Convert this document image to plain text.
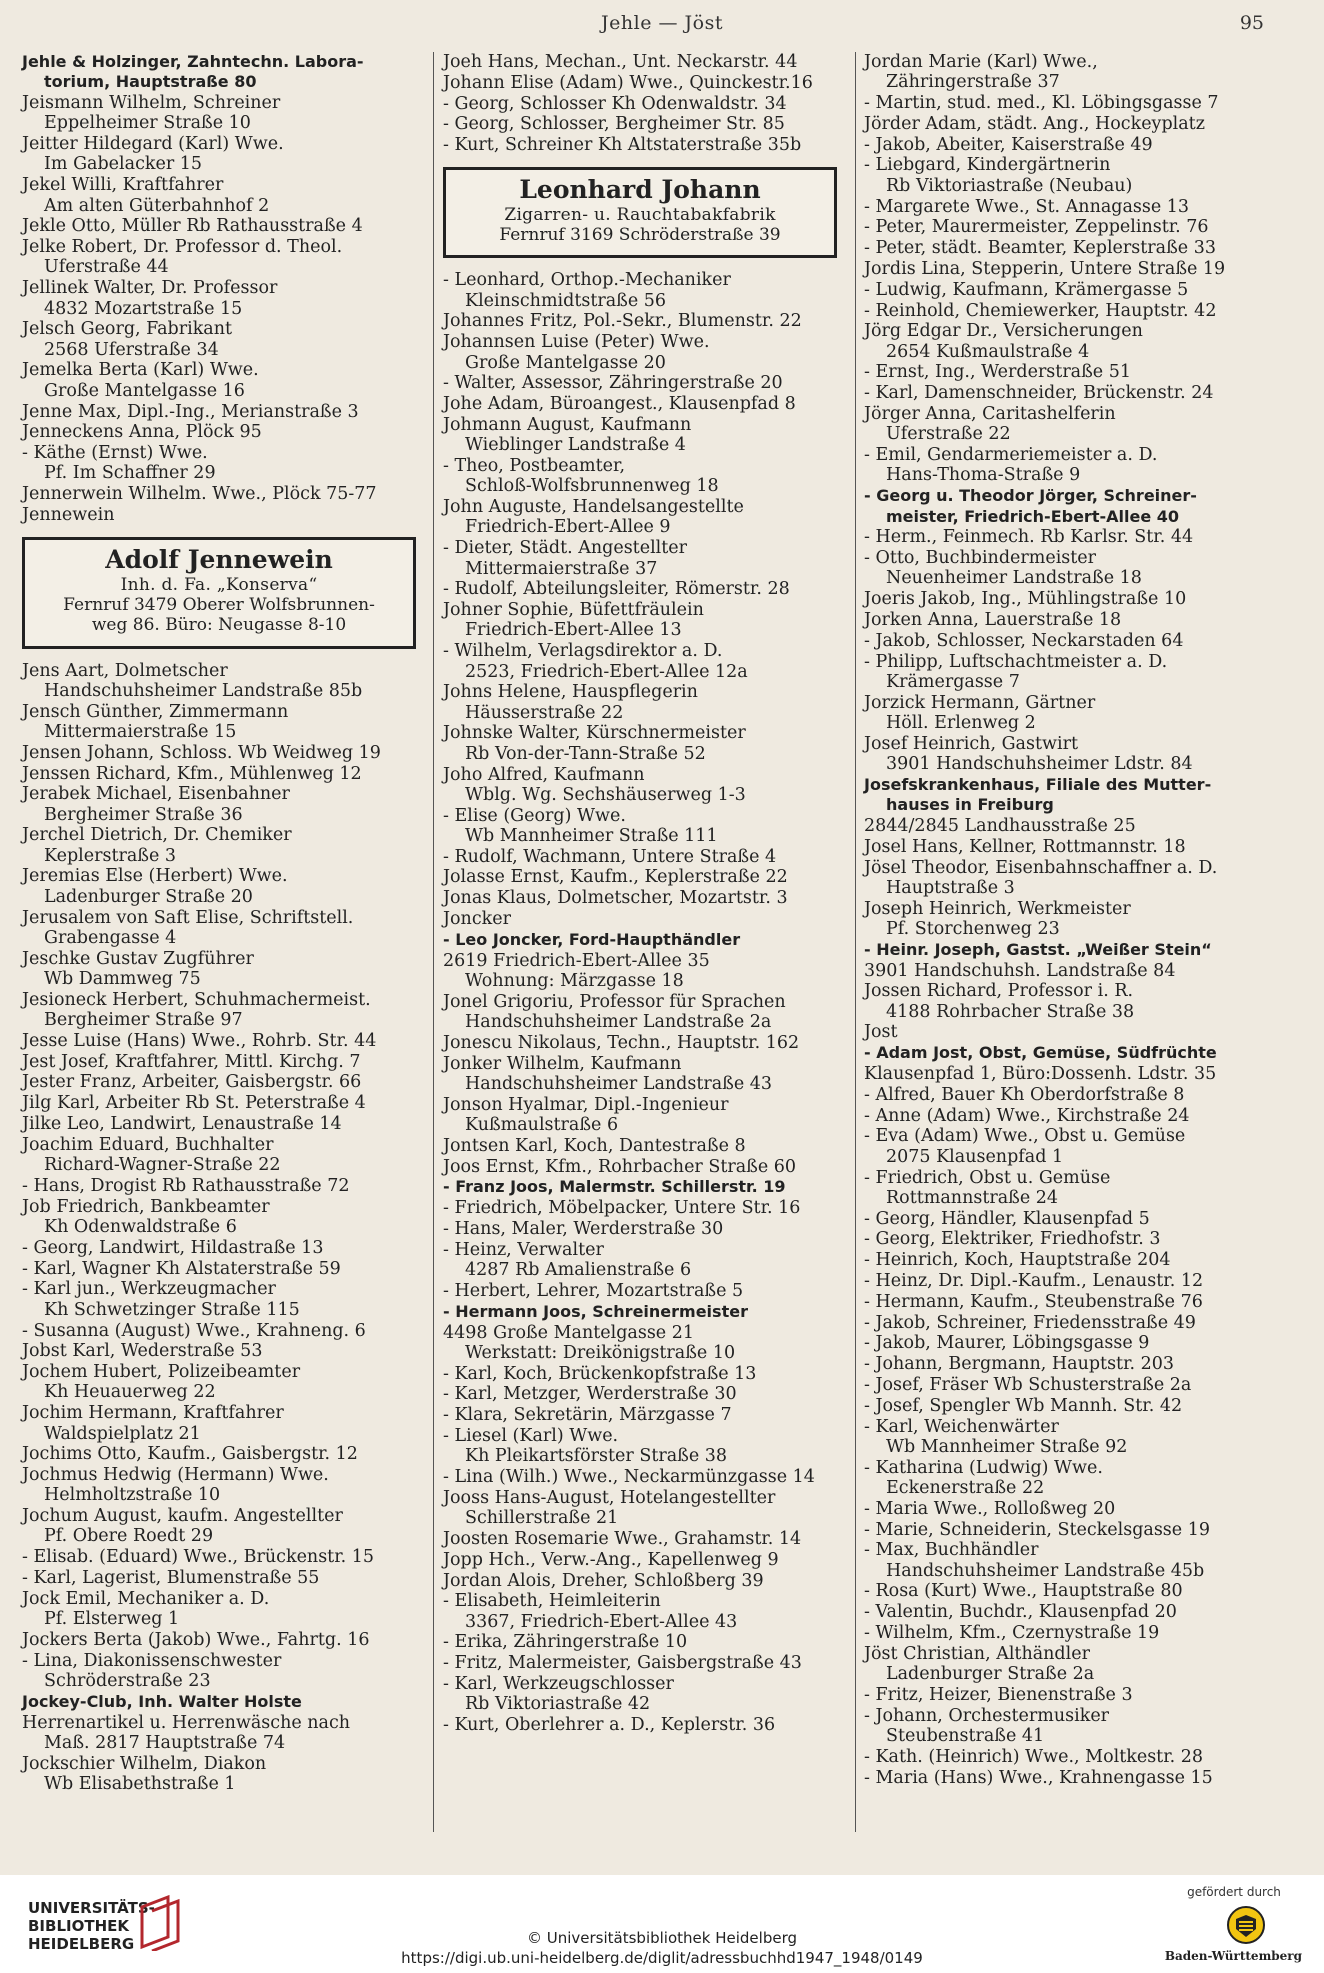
Jehle — Jöst	95
Jehle & Holzinger, Zahntechn. Labora-
torium, Hauptstraße 80
Jeismann Wilhelm, Schreiner
Eppelheimer Straße 10
Jeitter Hildegard (Karl) Wwe.
Im Gabelacker 15
Jekel Willi, Kraftfahrer
Am alten Güterbahnhof 2
Jekle Otto, Müller Rb Rathausstraße 4
Jelke Robert, Dr. Professor d. Theol.
Uferstraße 44
Jellinek Walter, Dr. Professor
4832 Mozartstraße 15
Jelsch Georg, Fabrikant
2568 Uferstraße 34
Jemelka Berta (Karl) Wwe.
Große Mantelgasse 16
Jenne Max, Dipl.-Ing., Merianstraße 3
Jenneckens Anna, Plöck 95
- Käthe (Ernst) Wwe.
Pf. Im Schaffner 29
Jennerwein Wilhelm. Wwe., Plöck 75-77
Jennewein
Adolf Jennewein
Inh. d. Fa. „Konserva“
Fernruf 3479 Oberer Wolfsbrunnen-
weg 86. Büro: Neugasse 8-10
Jens Aart, Dolmetscher
Handschuhsheimer Landstraße 85b
Jensch Günther, Zimmermann
Mittermaierstraße 15
Jensen Johann, Schloss. Wb Weidweg 19
Jenssen Richard, Kfm., Mühlenweg 12
Jerabek Michael, Eisenbahner
Bergheimer Straße 36
Jerchel Dietrich, Dr. Chemiker
Keplerstraße 3
Jeremias Else (Herbert) Wwe.
Ladenburger Straße 20
Jerusalem von Saft Elise, Schriftstell.
Grabengasse 4
Jeschke Gustav Zugführer
Wb Dammweg 75
Jesioneck Herbert, Schuhmachermeist.
Bergheimer Straße 97
Jesse Luise (Hans) Wwe., Rohrb. Str. 44
Jest Josef, Kraftfahrer, Mittl. Kirchg. 7
Jester Franz, Arbeiter, Gaisbergstr. 66
Jilg Karl, Arbeiter Rb St. Peterstraße 4
Jilke Leo, Landwirt, Lenaustraße 14
Joachim Eduard, Buchhalter
Richard-Wagner-Straße 22
- Hans, Drogist Rb Rathausstraße 72
Job Friedrich, Bankbeamter
Kh Odenwaldstraße 6
- Georg, Landwirt, Hildastraße 13
- Karl, Wagner Kh Alstaterstraße 59
- Karl jun., Werkzeugmacher
Kh Schwetzinger Straße 115
- Susanna (August) Wwe., Krahneng. 6
Jobst Karl, Wederstraße 53
Jochem Hubert, Polizeibeamter
Kh Heuauerweg 22
Jochim Hermann, Kraftfahrer
Waldspielplatz 21
Jochims Otto, Kaufm., Gaisbergstr. 12
Jochmus Hedwig (Hermann) Wwe.
Helmholtzstraße 10
Jochum August, kaufm. Angestellter
Pf. Obere Roedt 29
- Elisab. (Eduard) Wwe., Brückenstr. 15
- Karl, Lagerist, Blumenstraße 55
Jock Emil, Mechaniker a. D.
Pf. Elsterweg 1
Jockers Berta (Jakob) Wwe., Fahrtg. 16
- Lina, Diakonissenschwester
Schröderstraße 23
Jockey-Club, Inh. Walter Holste
Herrenartikel u. Herrenwäsche nach
Maß. 2817 Hauptstraße 74
Jockschier Wilhelm, Diakon
Wb Elisabethstraße 1
Joeh Hans, Mechan., Unt. Neckarstr. 44
Johann Elise (Adam) Wwe., Quinckestr.16
- Georg, Schlosser Kh Odenwaldstr. 34
- Georg, Schlosser, Bergheimer Str. 85
- Kurt, Schreiner Kh Altstaterstraße 35b
Leonhard Johann
Zigarren- u. Rauchtabakfabrik
Fernruf 3169 Schröderstraße 39
- Leonhard, Orthop.-Mechaniker
Kleinschmidtstraße 56
Johannes Fritz, Pol.-Sekr., Blumenstr. 22
Johannsen Luise (Peter) Wwe.
Große Mantelgasse 20
- Walter, Assessor, Zähringerstraße 20
Johe Adam, Büroangest., Klausenpfad 8
Johmann August, Kaufmann
Wieblinger Landstraße 4
- Theo, Postbeamter,
Schloß-Wolfsbrunnenweg 18
John Auguste, Handelsangestellte
Friedrich-Ebert-Allee 9
- Dieter, Städt. Angestellter
Mittermaierstraße 37
- Rudolf, Abteilungsleiter, Römerstr. 28
Johner Sophie, Büfettfräulein
Friedrich-Ebert-Allee 13
- Wilhelm, Verlagsdirektor a. D.
2523, Friedrich-Ebert-Allee 12a
Johns Helene, Hauspflegerin
Häusserstraße 22
Johnske Walter, Kürschnermeister
Rb Von-der-Tann-Straße 52
Joho Alfred, Kaufmann
Wblg. Wg. Sechshäuserweg 1-3
- Elise (Georg) Wwe.
Wb Mannheimer Straße 111
- Rudolf, Wachmann, Untere Straße 4
Jolasse Ernst, Kaufm., Keplerstraße 22
Jonas Klaus, Dolmetscher, Mozartstr. 3
Joncker
- Leo Joncker, Ford-Haupthändler
2619 Friedrich-Ebert-Allee 35
Wohnung: Märzgasse 18
Jonel Grigoriu, Professor für Sprachen
Handschuhsheimer Landstraße 2a
Jonescu Nikolaus, Techn., Hauptstr. 162
Jonker Wilhelm, Kaufmann
Handschuhsheimer Landstraße 43
Jonson Hyalmar, Dipl.-Ingenieur
Kußmaulstraße 6
Jontsen Karl, Koch, Dantestraße 8
Joos Ernst, Kfm., Rohrbacher Straße 60
- Franz Joos, Malermstr. Schillerstr. 19
- Friedrich, Möbelpacker, Untere Str. 16
- Hans, Maler, Werderstraße 30
- Heinz, Verwalter
4287 Rb Amalienstraße 6
- Herbert, Lehrer, Mozartstraße 5
- Hermann Joos, Schreinermeister
4498 Große Mantelgasse 21
Werkstatt: Dreikönigstraße 10
- Karl, Koch, Brückenkopfstraße 13
- Karl, Metzger, Werderstraße 30
- Klara, Sekretärin, Märzgasse 7
- Liesel (Karl) Wwe.
Kh Pleikartsförster Straße 38
- Lina (Wilh.) Wwe., Neckarmünzgasse 14
Jooss Hans-August, Hotelangestellter
Schillerstraße 21
Joosten Rosemarie Wwe., Grahamstr. 14
Jopp Hch., Verw.-Ang., Kapellenweg 9
Jordan Alois, Dreher, Schloßberg 39
- Elisabeth, Heimleiterin
3367, Friedrich-Ebert-Allee 43
- Erika, Zähringerstraße 10
- Fritz, Malermeister, Gaisbergstraße 43
- Karl, Werkzeugschlosser
Rb Viktoriastraße 42
- Kurt, Oberlehrer a. D., Keplerstr. 36
Jordan Marie (Karl) Wwe.,
Zähringerstraße 37
- Martin, stud. med., Kl. Löbingsgasse 7
Jörder Adam, städt. Ang., Hockeyplatz
- Jakob, Abeiter, Kaiserstraße 49
- Liebgard, Kindergärtnerin
Rb Viktoriastraße (Neubau)
- Margarete Wwe., St. Annagasse 13
- Peter, Maurermeister, Zeppelinstr. 76
- Peter, städt. Beamter, Keplerstraße 33
Jordis Lina, Stepperin, Untere Straße 19
- Ludwig, Kaufmann, Krämergasse 5
- Reinhold, Chemiewerker, Hauptstr. 42
Jörg Edgar Dr., Versicherungen
2654 Kußmaulstraße 4
- Ernst, Ing., Werderstraße 51
- Karl, Damenschneider, Brückenstr. 24
Jörger Anna, Caritashelferin
Uferstraße 22
- Emil, Gendarmeriemeister a. D.
Hans-Thoma-Straße 9
- Georg u. Theodor Jörger, Schreiner-
meister, Friedrich-Ebert-Allee 40
- Herm., Feinmech. Rb Karlsr. Str. 44
- Otto, Buchbindermeister
Neuenheimer Landstraße 18
Joeris Jakob, Ing., Mühlingstraße 10
Jorken Anna, Lauerstraße 18
- Jakob, Schlosser, Neckarstaden 64
- Philipp, Luftschachtmeister a. D.
Krämergasse 7
Jorzick Hermann, Gärtner
Höll. Erlenweg 2
Josef Heinrich, Gastwirt
3901 Handschuhsheimer Ldstr. 84
Josefskrankenhaus, Filiale des Mutter-
hauses in Freiburg
2844/2845 Landhausstraße 25
Josel Hans, Kellner, Rottmannstr. 18
Jösel Theodor, Eisenbahnschaffner a. D.
Hauptstraße 3
Joseph Heinrich, Werkmeister
Pf. Storchenweg 23
- Heinr. Joseph, Gastst. „Weißer Stein“
3901 Handschuhsh. Landstraße 84
Jossen Richard, Professor i. R.
4188 Rohrbacher Straße 38
Jost
- Adam Jost, Obst, Gemüse, Südfrüchte
Klausenpfad 1, Büro:Dossenh. Ldstr. 35
- Alfred, Bauer Kh Oberdorfstraße 8
- Anne (Adam) Wwe., Kirchstraße 24
- Eva (Adam) Wwe., Obst u. Gemüse
2075 Klausenpfad 1
- Friedrich, Obst u. Gemüse
Rottmannstraße 24
- Georg, Händler, Klausenpfad 5
- Georg, Elektriker, Friedhofstr. 3
- Heinrich, Koch, Hauptstraße 204
- Heinz, Dr. Dipl.-Kaufm., Lenaustr. 12
- Hermann, Kaufm., Steubenstraße 76
- Jakob, Schreiner, Friedensstraße 49
- Jakob, Maurer, Löbingsgasse 9
- Johann, Bergmann, Hauptstr. 203
- Josef, Fräser Wb Schusterstraße 2a
- Josef, Spengler Wb Mannh. Str. 42
- Karl, Weichenwärter
Wb Mannheimer Straße 92
- Katharina (Ludwig) Wwe.
Eckenerstraße 22
- Maria Wwe., Rolloßweg 20
- Marie, Schneiderin, Steckelsgasse 19
- Max, Buchhändler
Handschuhsheimer Landstraße 45b
- Rosa (Kurt) Wwe., Hauptstraße 80
- Valentin, Buchdr., Klausenpfad 20
- Wilhelm, Kfm., Czernystraße 19
Jöst Christian, Althändler
Ladenburger Straße 2a
- Fritz, Heizer, Bienenstraße 3
- Johann, Orchestermusiker
Steubenstraße 41
- Kath. (Heinrich) Wwe., Moltkestr. 28
- Maria (Hans) Wwe., Krahnengasse 15
UNIVERSITÄTS-
BIBLIOTHEK
HEIDELBERG	© Universitätsbibliothek Heidelberg
https://digi.ub.uni-heidelberg.de/diglit/adressbuchhd1947_1948/0149
gefördert durch
Baden-Württemberg
